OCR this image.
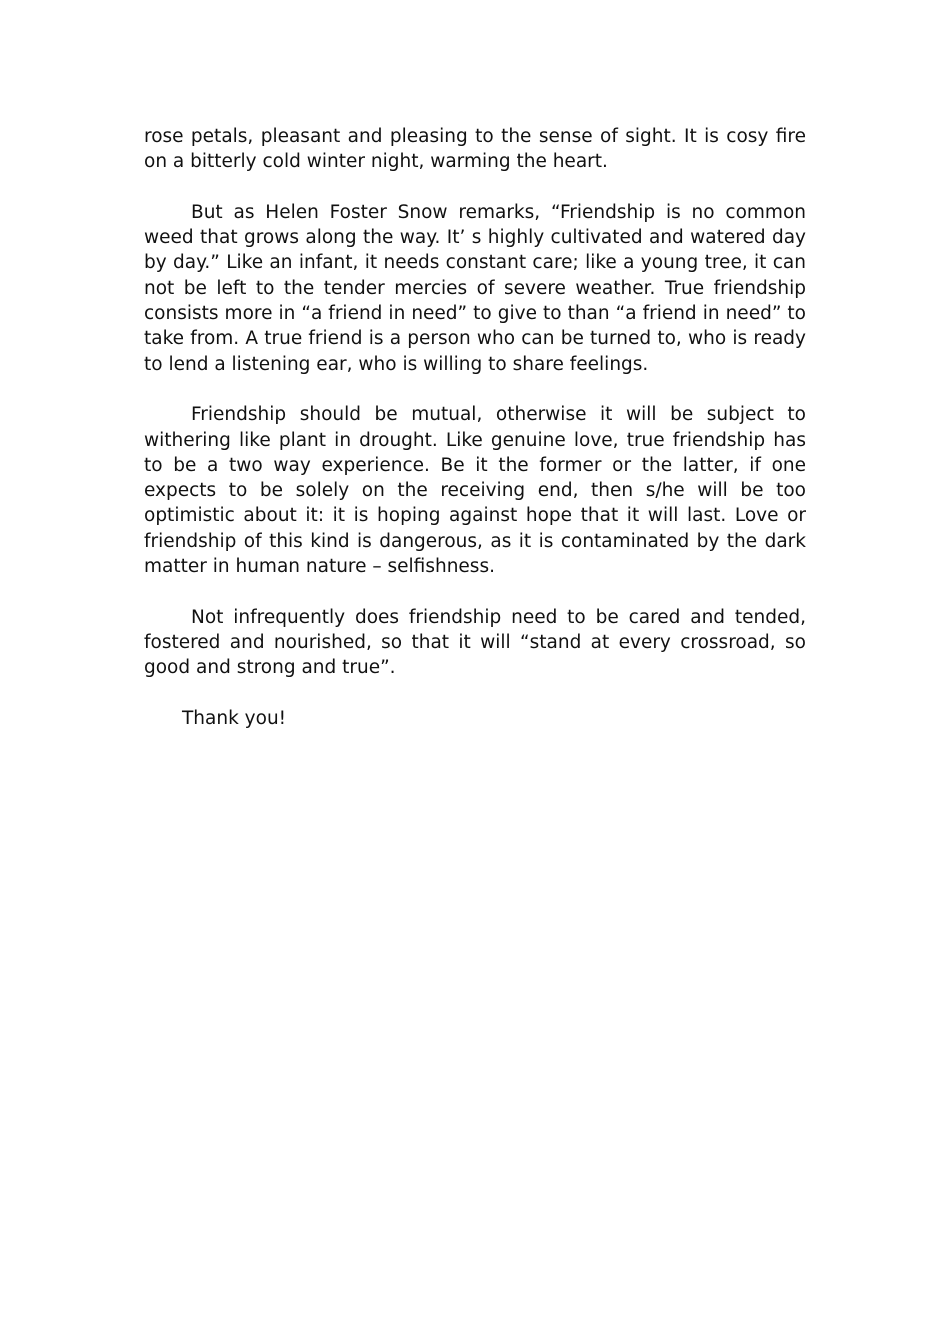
rose petals, pleasant and pleasing to the sense of sight. It is cosy fire on a bitterly cold winter night, warming the heart.

But as Helen Foster Snow remarks, “Friendship is no common weed that grows along the way. It’ s highly cultivated and watered day by day.” Like an infant, it needs constant care; like a young tree, it can not be left to the tender mercies of severe weather. True friendship consists more in “a friend in need” to give to than “a friend in need” to take from. A true friend is a person who can be turned to, who is ready to lend a listening ear, who is willing to share feelings.

Friendship should be mutual, otherwise it will be subject to withering like plant in drought. Like genuine love, true friendship has to be a two way experience. Be it the former or the latter, if one expects to be solely on the receiving end, then s/he will be too optimistic about it: it is hoping against hope that it will last. Love or friendship of this kind is dangerous, as it is contaminated by the dark matter in human nature – selfishness.

Not infrequently does friendship need to be cared and tended, fostered and nourished, so that it will “stand at every crossroad, so good and strong and true”.

Thank you!
